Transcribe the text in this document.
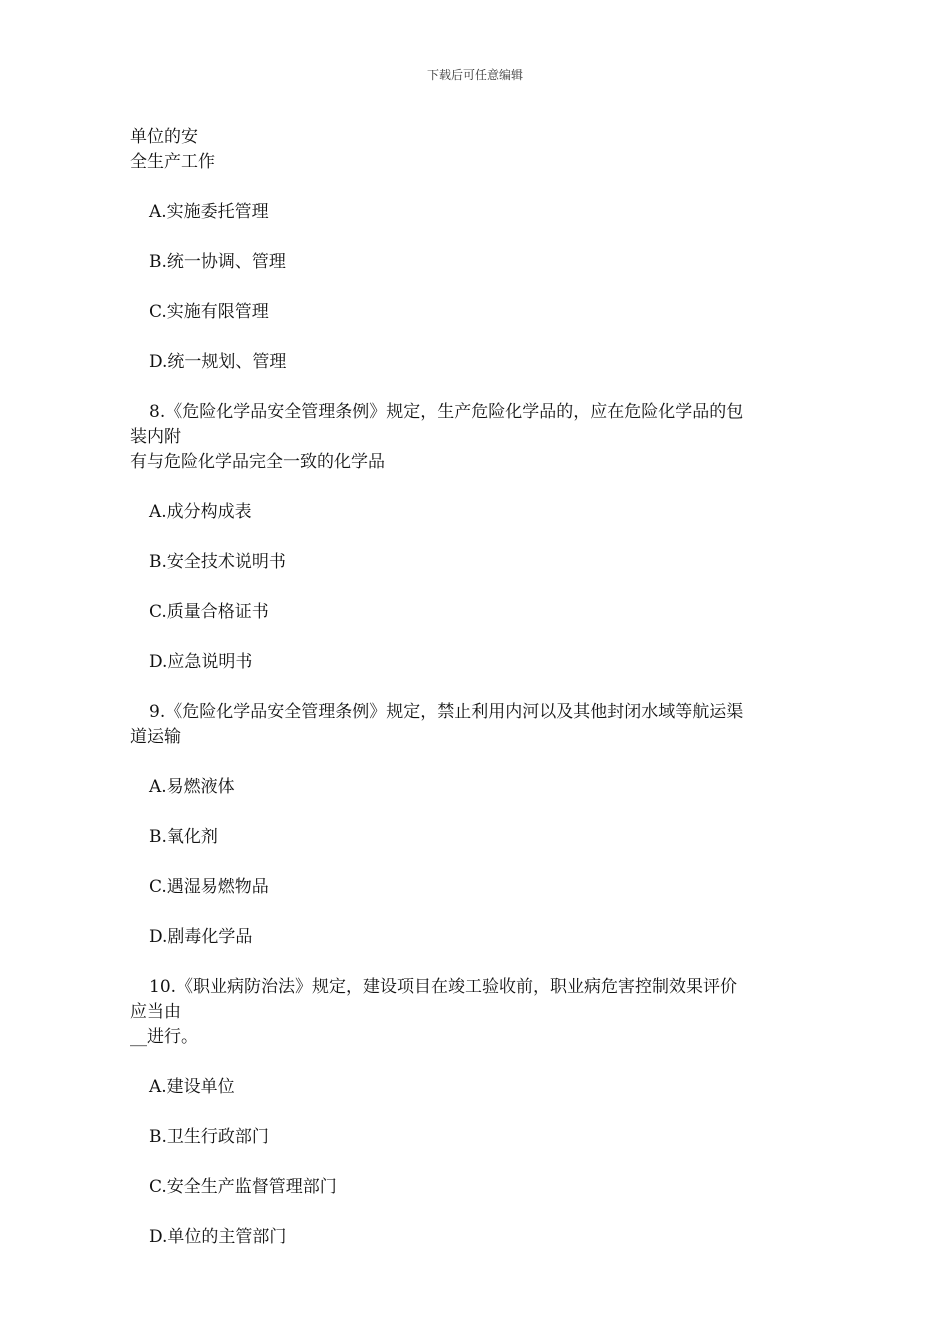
下载后可任意编辑
单位的安
全生产工作
A.实施委托管理
B.统一协调、管理
C.实施有限管理
D.统一规划、管理
8.《危险化学品安全管理条例》规定，生产危险化学品的，应在危险化学品的包
装内附
有与危险化学品完全一致的化学品
A.成分构成表
B.安全技术说明书
C.质量合格证书
D.应急说明书
9.《危险化学品安全管理条例》规定，禁止利用内河以及其他封闭水域等航运渠
道运输
A.易燃液体
B.氧化剂
C.遇湿易燃物品
D.剧毒化学品
10.《职业病防治法》规定，建设项目在竣工验收前，职业病危害控制效果评价
应当由
__进行。
A.建设单位
B.卫生行政部门
C.安全生产监督管理部门
D.单位的主管部门
